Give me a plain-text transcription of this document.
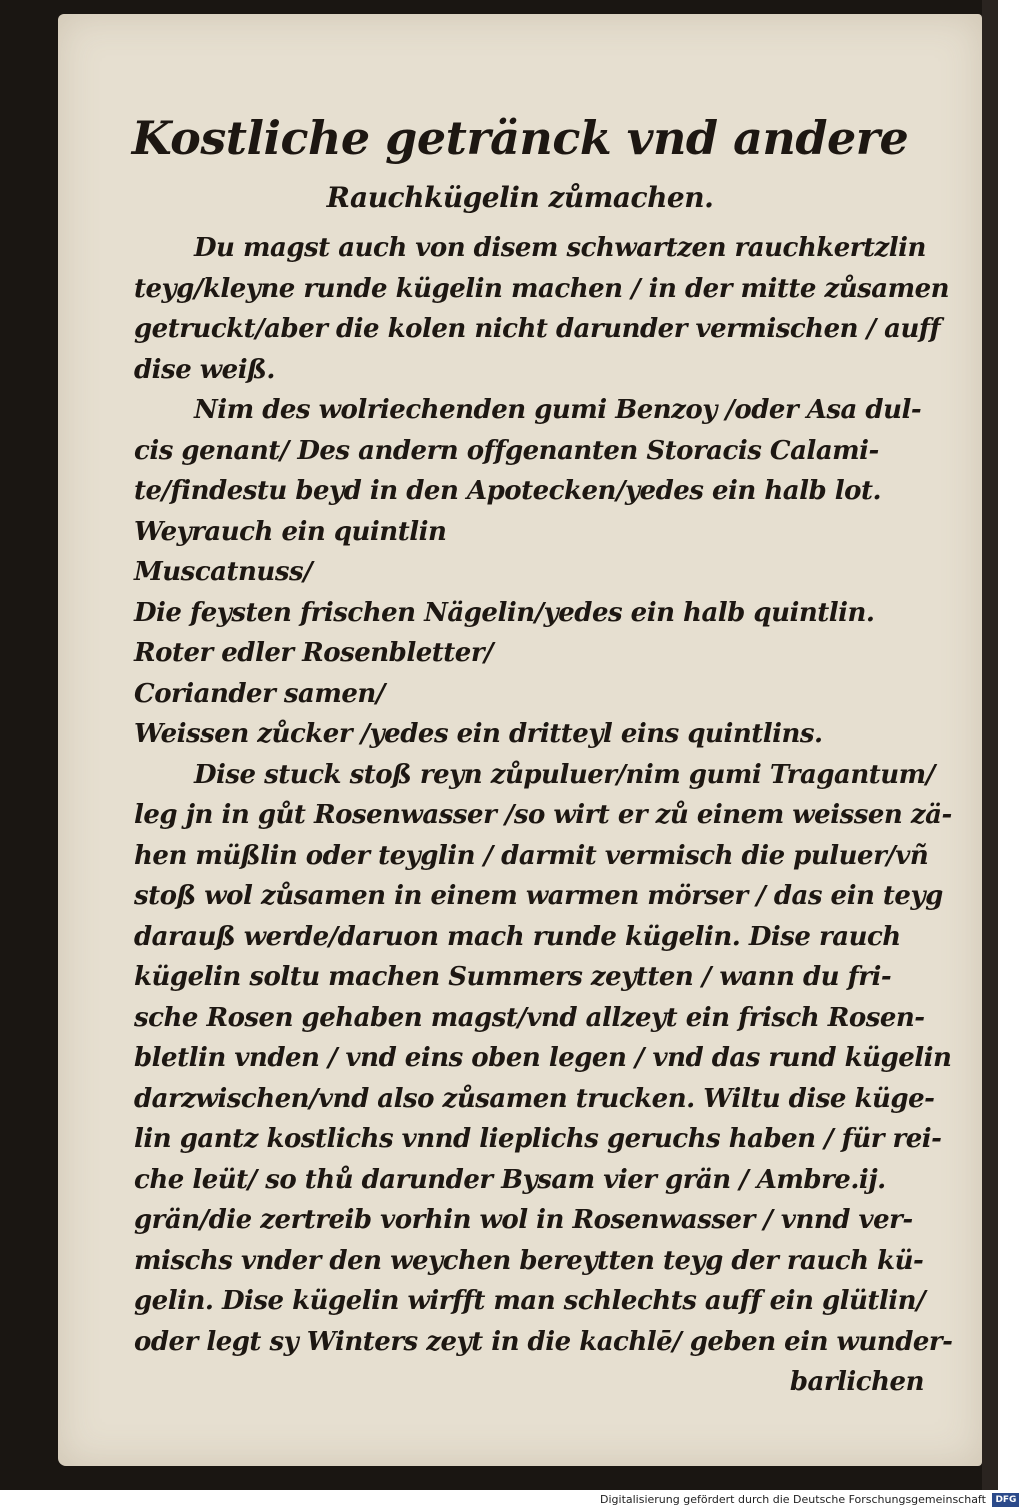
Kostliche getränck vnd andere
Rauchkügelin zůmachen.
Du magst auch von disem schwartzen rauchkertzlin
teyg/kleyne runde kügelin machen / in der mitte zůsamen
getruckt/aber die kolen nicht darunder vermischen / auff
dise weiß.
Nim des wolriechenden gumi Benzoy /oder Asa dul-
cis genant/ Des andern offgenanten Storacis Calami-
te/findestu beyd in den Apotecken/yedes ein halb lot.
Weyrauch ein quintlin
Muscatnuss/
Die feysten frischen Nägelin/yedes ein halb quintlin.
Roter edler Rosenbletter/
Coriander samen/
Weissen zůcker /yedes ein dritteyl eins quintlins.
Dise stuck stoß reyn zůpuluer/nim gumi Tragantum/
leg jn in gůt Rosenwasser /so wirt er zů einem weissen zä-
hen müßlin oder teyglin / darmit vermisch die puluer/vñ
stoß wol zůsamen in einem warmen mörser / das ein teyg
darauß werde/daruon mach runde kügelin. Dise rauch
kügelin soltu machen Summers zeytten / wann du fri-
sche Rosen gehaben magst/vnd allzeyt ein frisch Rosen-
bletlin vnden / vnd eins oben legen / vnd das rund kügelin
darzwischen/vnd also zůsamen trucken. Wiltu dise küge-
lin gantz kostlichs vnnd lieplichs geruchs haben / für rei-
che leüt/ so thů darunder Bysam vier grän / Ambre.ij.
grän/die zertreib vorhin wol in Rosenwasser / vnnd ver-
mischs vnder den weychen bereytten teyg der rauch kü-
gelin. Dise kügelin wirfft man schlechts auff ein glütlin/
oder legt sy Winters zeyt in die kachlē/ geben ein wunder-
barlichen
Digitalisierung gefördert durch die Deutsche Forschungsgemeinschaft DFG
